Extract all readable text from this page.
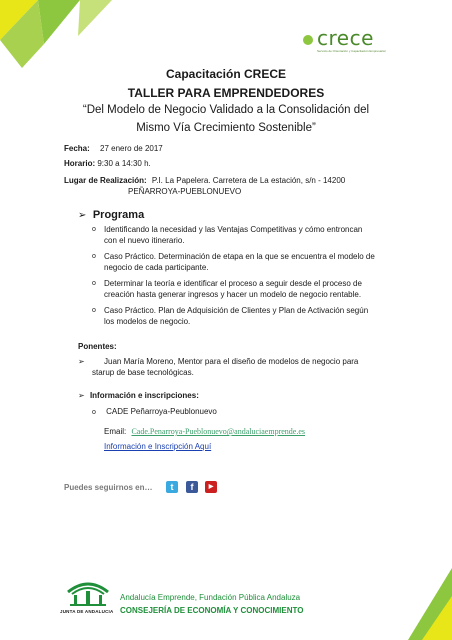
crece
Servicio de Orientación y Capacitación Empresarial
Capacitación CRECE
TALLER PARA EMPRENDEDORES
“Del Modelo de Negocio Validado a la Consolidación del
Mismo Vía Crecimiento Sostenible”
Fecha: 27 enero de 2017
Horario: 9:30 a 14:30 h.
Lugar de Realización: P.I. La Papelera. Carretera de La estación, s/n - 14200
PEÑARROYA-PUEBLONUEVO
➢ Programa
o Identificando la necesidad y las Ventajas Competitivas y cómo entroncan
con el nuevo itinerario.
o Caso Práctico. Determinación de etapa en la que se encuentra el modelo de
negocio de cada participante.
o Determinar la teoría e identificar el proceso a seguir desde el proceso de
creación hasta generar ingresos y hacer un modelo de negocio rentable.
o Caso Práctico. Plan de Adquisición de Clientes y Plan de Activación según
los modelos de negocio.
Ponentes:
➢ Juan María Moreno, Mentor para el diseño de modelos de negocio para
starup de base tecnológicas.
➢ Información e inscripciones:
o CADE Peñarroya-Peublonuevo
Email: Cade.Penarroya-Pueblonuevo@andaluciaemprende.es
Información e Inscripción Aquí
Puedes seguirnos en…	t	f	▶
JUNTA DE ANDALUCIA
Andalucía Emprende, Fundación Pública Andaluza
CONSEJERÍA DE ECONOMÍA Y CONOCIMIENTO
